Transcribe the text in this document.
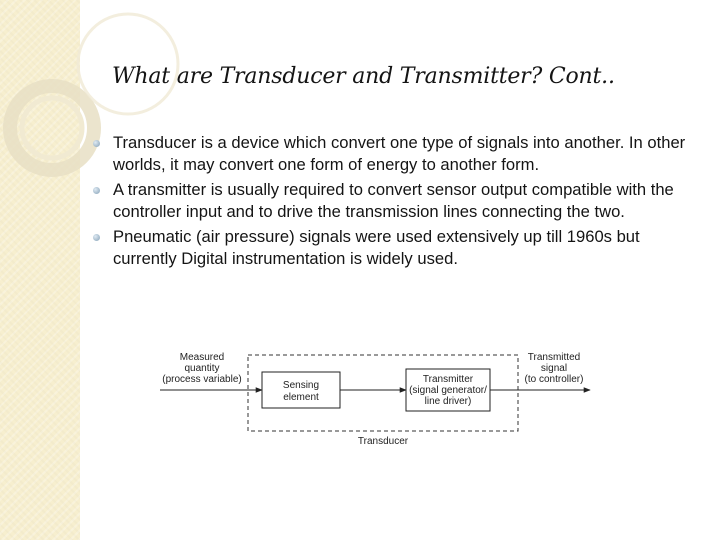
What are Transducer and Transmitter? Cont..
Transducer is a device which convert one type of signals into another. In other worlds, it may convert one form of energy to another form.
A transmitter is usually required to convert sensor output compatible with the controller input and to drive the transmission lines connecting the two.
Pneumatic (air pressure) signals were used extensively up till 1960s but currently Digital instrumentation is widely used.
Measured
quantity
(process variable)
Sensing
element
Transmitter
(signal generator/
line driver)
Transmitted
signal
(to controller)
Transducer
